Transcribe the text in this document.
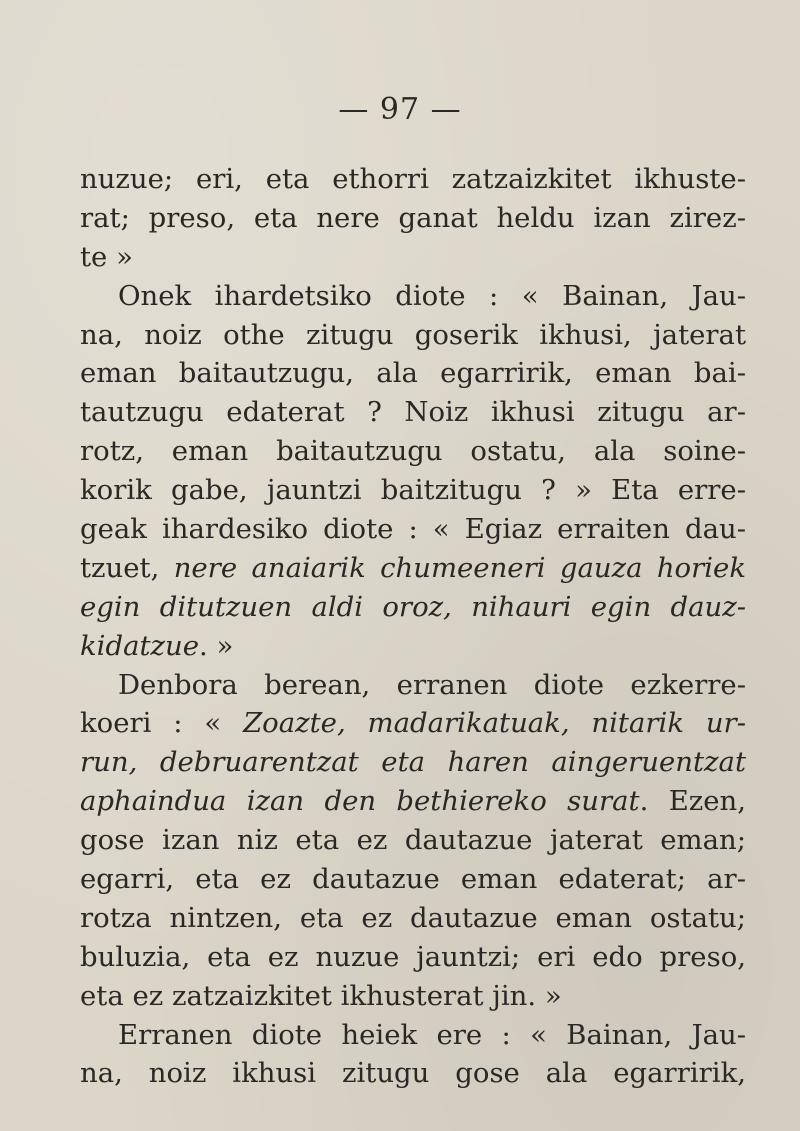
— 97 —
nuzue; eri, eta ethorri zatzaizkitet ikhuste-
rat; preso, eta nere ganat heldu izan zirez-
te »
Onek ihardetsiko diote : « Bainan, Jau-
na, noiz othe zitugu goserik ikhusi, jaterat
eman baitautzugu, ala egarririk, eman bai-
tautzugu edaterat ? Noiz ikhusi zitugu ar-
rotz, eman baitautzugu ostatu, ala soine-
korik gabe, jauntzi baitzitugu ? » Eta erre-
geak ihardesiko diote : « Egiaz erraiten dau-
tzuet, nere anaiarik chumeeneri gauza horiek
egin ditutzuen aldi oroz, nihauri egin dauz-
kidatzue. »
Denbora berean, erranen diote ezkerre-
koeri : « Zoazte, madarikatuak, nitarik ur-
run, debruarentzat eta haren aingeruentzat
aphaindua izan den bethiereko surat. Ezen,
gose izan niz eta ez dautazue jaterat eman;
egarri, eta ez dautazue eman edaterat; ar-
rotza nintzen, eta ez dautazue eman ostatu;
buluzia, eta ez nuzue jauntzi; eri edo preso,
eta ez zatzaizkitet ikhusterat jin. »
Erranen diote heiek ere : « Bainan, Jau-
na, noiz ikhusi zitugu gose ala egarririk,
